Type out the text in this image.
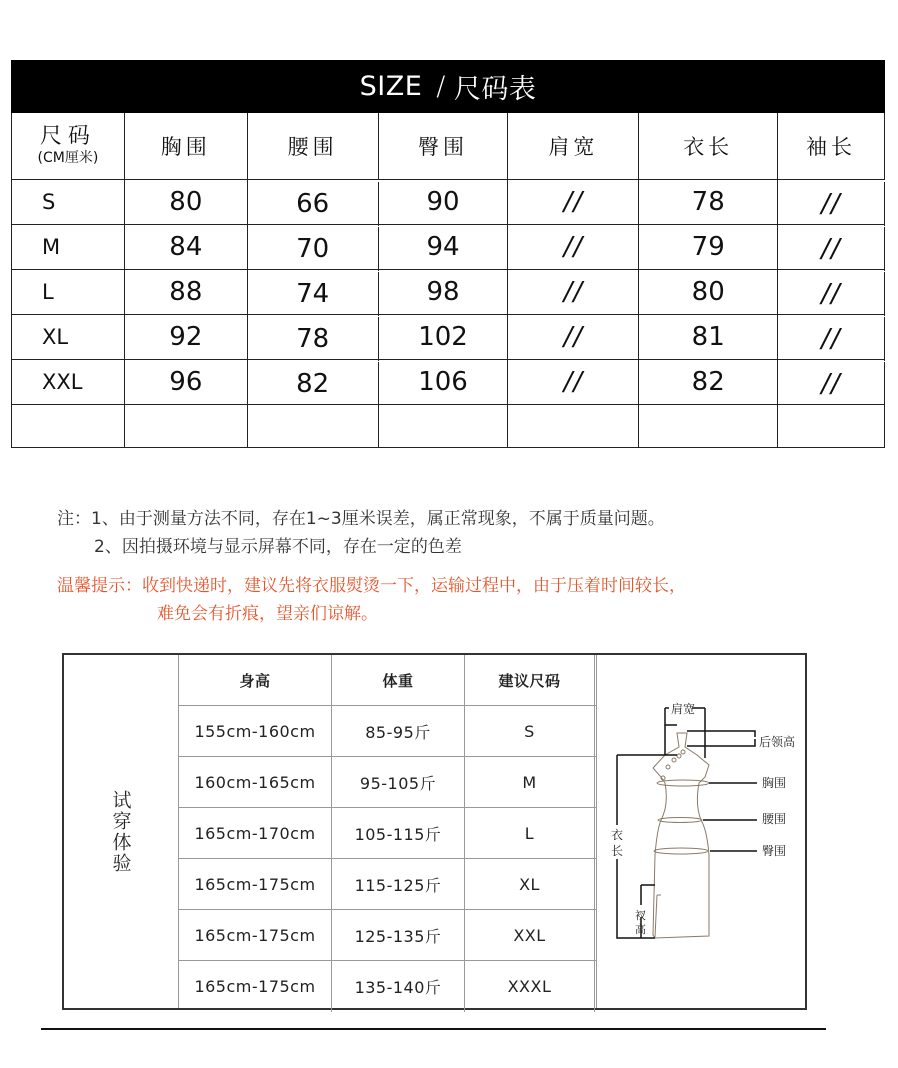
SIZE / 尺码表
尺码
(CM厘米)	胸围	腰围	臀围	肩宽	衣长	袖长
S	80	66	90	//	78	//
M	84	70	94	//	79	//
L	88	74	98	//	80	//
XL	92	78	102	//	81	//
XXL	96	82	106	//	82	//
注：1、由于测量方法不同，存在1~3厘米误差，属正常现象，不属于质量问题。
2、因拍摄环境与显示屏幕不同，存在一定的色差
温馨提示：收到快递时，建议先将衣服熨烫一下，运输过程中，由于压着时间较长，
难免会有折痕，望亲们谅解。
试穿体验
身高	体重	建议尺码
155cm-160cm	85-95斤	S
160cm-165cm	95-105斤	M
165cm-170cm	105-115斤	L
165cm-175cm	115-125斤	XL
165cm-175cm	125-135斤	XXL
165cm-175cm	135-140斤	XXXL
肩宽
后领高
胸围
腰围
臀围
衣
长
衩
高
